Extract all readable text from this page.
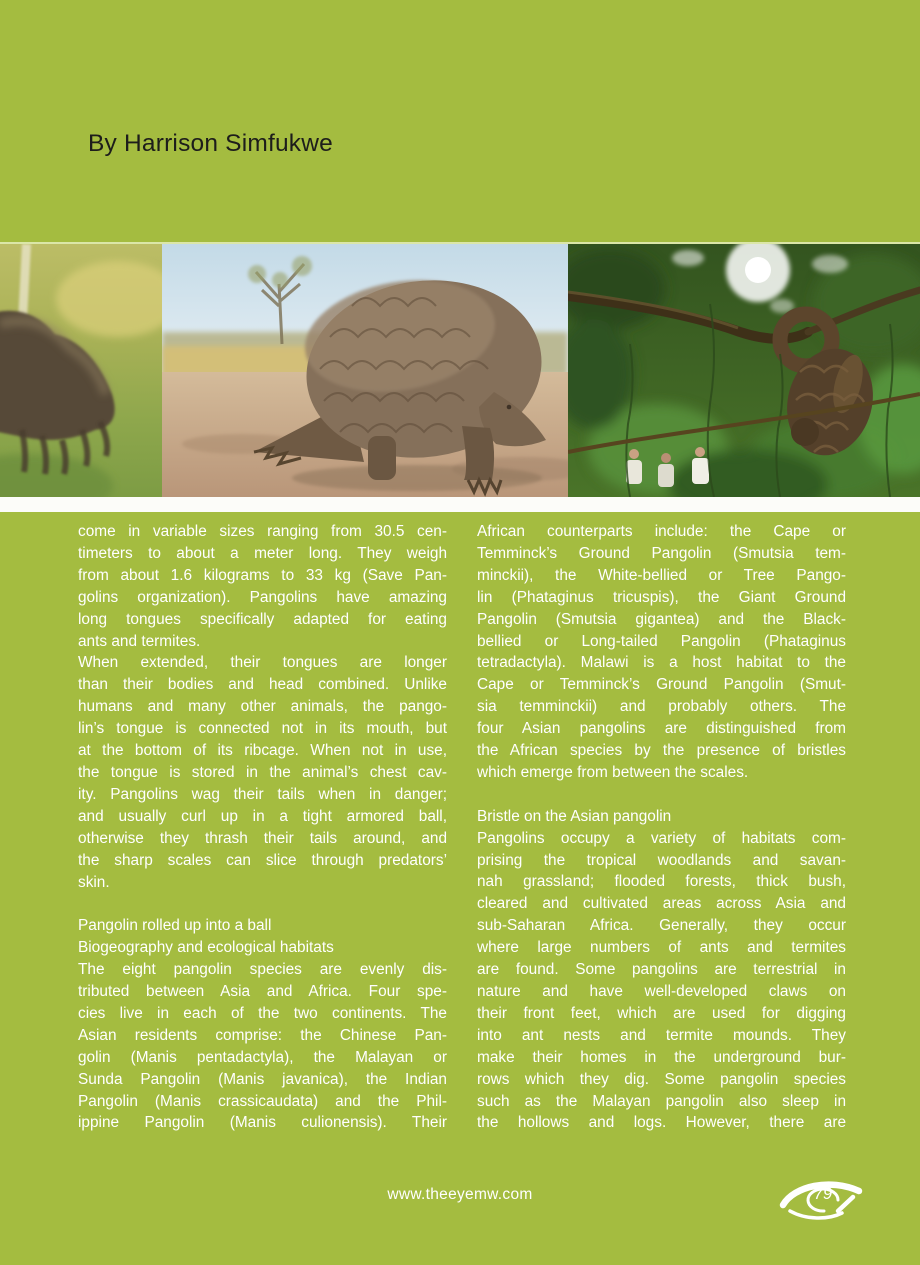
By Harrison Simfukwe
come in variable sizes ranging from 30.5 cen-
timeters to about a meter long. They weigh
from about 1.6 kilograms to 33 kg (Save Pan-
golins organization). Pangolins have amazing
long tongues specifically adapted for eating
ants and termites.
When extended, their tongues are longer
than their bodies and head combined. Unlike
humans and many other animals, the pango-
lin’s tongue is connected not in its mouth, but
at the bottom of its ribcage. When not in use,
the tongue is stored in the animal’s chest cav-
ity. Pangolins wag their tails when in danger;
and usually curl up in a tight armored ball,
otherwise they thrash their tails around, and
the sharp scales can slice through predators’
skin.
Pangolin rolled up into a ball
Biogeography and ecological habitats
The eight pangolin species are evenly dis-
tributed between Asia and Africa. Four spe-
cies live in each of the two continents. The
Asian residents comprise: the Chinese Pan-
golin (Manis pentadactyla), the Malayan or
Sunda Pangolin (Manis javanica), the Indian
Pangolin (Manis crassicaudata) and the Phil-
ippine Pangolin (Manis culionensis). Their
African counterparts include: the Cape or
Temminck’s Ground Pangolin (Smutsia tem-
minckii), the White-bellied or Tree Pango-
lin (Phataginus tricuspis), the Giant Ground
Pangolin (Smutsia gigantea) and the Black-
bellied or Long-tailed Pangolin (Phataginus
tetradactyla). Malawi is a host habitat to the
Cape or Temminck’s Ground Pangolin (Smut-
sia temminckii) and probably others. The
four Asian pangolins are distinguished from
the African species by the presence of bristles
which emerge from between the scales.
Bristle on the Asian pangolin
Pangolins occupy a variety of habitats com-
prising the tropical woodlands and savan-
nah grassland; flooded forests, thick bush,
cleared and cultivated areas across Asia and
sub-Saharan Africa. Generally, they occur
where large numbers of ants and termites
are found. Some pangolins are terrestrial in
nature and have well-developed claws on
their front feet, which are used for digging
into ant nests and termite mounds. They
make their homes in the underground bur-
rows which they dig. Some pangolin species
such as the Malayan pangolin also sleep in
the hollows and logs. However, there are
www.theeyemw.com	79
